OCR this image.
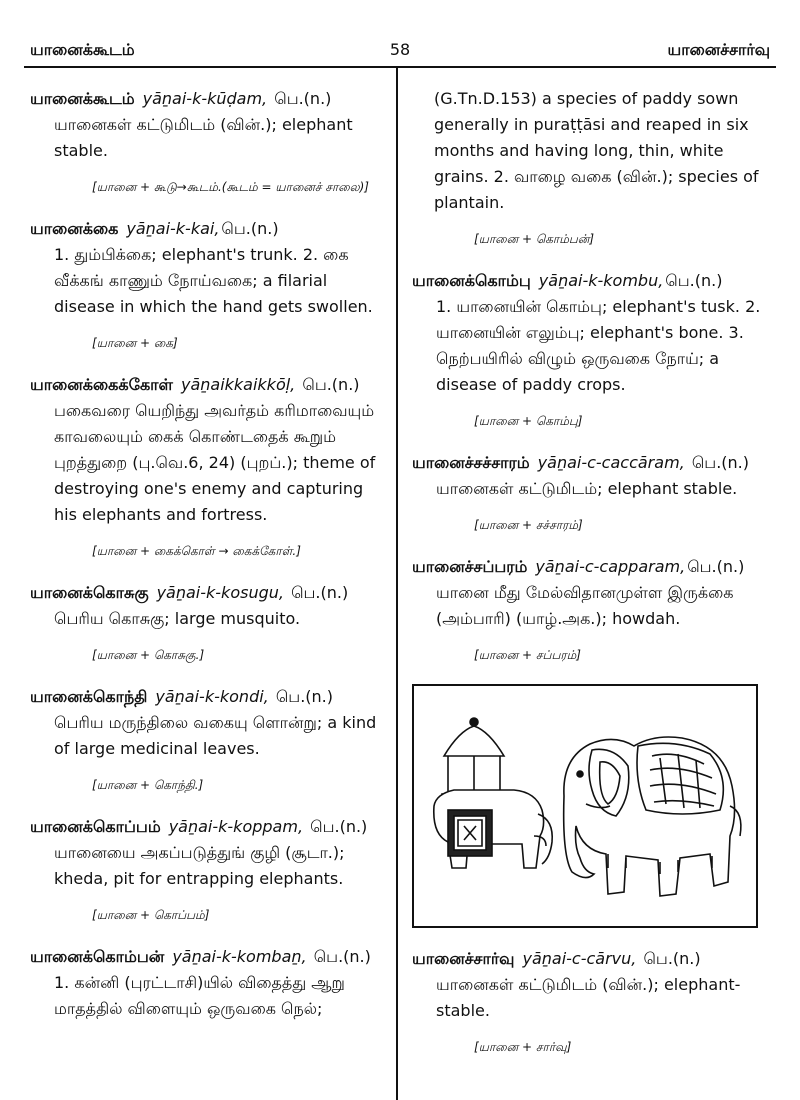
யானைக்கூடம்	58	யானைச்சார்வு
யானைக்கூடம் yāṉai-k-kūḍam, பெ.(n.)

யானைகள் கட்டுமிடம் (வின்.); elephant stable.

[யானை + கூடு→கூடம்.(கூடம் = யானைச் சாலை)]

யானைக்கை yāṉai-k-kai, பெ.(n.)

1. தும்பிக்கை; elephant's trunk. 2. கை வீக்கங் காணும் நோய்வகை; a filarial disease in which the hand gets swollen.

[யானை + கை]

யானைக்கைக்கோள் yāṉaikkaikkōḷ, பெ.(n.)

பகைவரை யெறிந்து அவர்தம் கரிமாவையும் காவலையும் கைக் கொண்டதைக் கூறும் புறத்துறை (பு.வெ.6, 24) (புறப்.); theme of destroying one's enemy and capturing his elephants and fortress.

[யானை + கைக்கொள் → கைக்கோள்.]

யானைக்கொசுகு yāṉai-k-kosugu, பெ.(n.)

பெரிய கொசுகு; large musquito.

[யானை + கொசுகு.]

யானைக்கொந்தி yāṉai-k-kondi, பெ.(n.)

பெரிய மருந்திலை வகையு ளொன்று; a kind of large medicinal leaves.

[யானை + கொந்தி.]

யானைக்கொப்பம் yāṉai-k-koppam, பெ.(n.)

யானையை அகப்படுத்துங் குழி (சூடா.); kheda, pit for entrapping elephants.

[யானை + கொப்பம்]

யானைக்கொம்பன் yāṉai-k-kombaṉ, பெ.(n.)

1. கன்னி (புரட்டாசி)யில் விதைத்து ஆறு மாதத்தில் விளையும் ஒருவகை நெல்;

(G.Tn.D.153) a species of paddy sown generally in puraṭṭāsi and reaped in six months and having long, thin, white grains. 2. வாழை வகை (வின்.); species of plantain.

[யானை + கொம்பன்]

யானைக்கொம்பு yāṉai-k-kombu, பெ.(n.)

1. யானையின் கொம்பு; elephant's tusk. 2. யானையின் எலும்பு; elephant's bone. 3. நெற்பயிரில் விழும் ஒருவகை நோய்; a disease of paddy crops.

[யானை + கொம்பு]

யானைச்சச்சாரம் yāṉai-c-caccāram, பெ.(n.)

யானைகள் கட்டுமிடம்; elephant stable.

[யானை + சச்சாரம்]

யானைச்சப்பரம் yāṉai-c-capparam, பெ.(n.)

யானை மீது மேல்விதானமுள்ள இருக்கை (அம்பாரி) (யாழ்.அக.); howdah.

[யானை + சப்பரம்]

யானைச்சார்வு yāṉai-c-cārvu, பெ.(n.)

யானைகள் கட்டுமிடம் (வின்.); elephant-stable.

[யானை + சார்வு]
